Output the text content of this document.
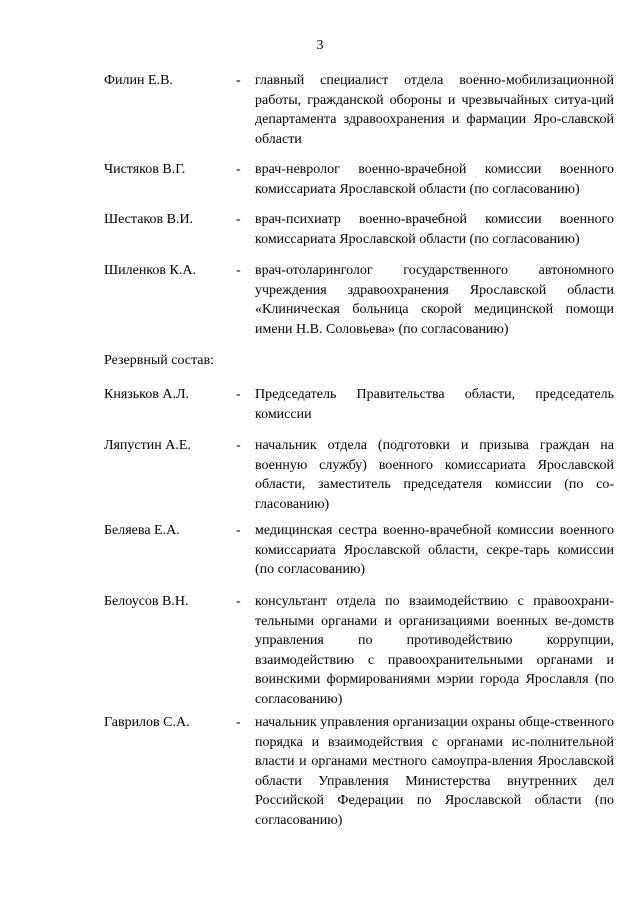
3
Филин Е.В.	- главный специалист отдела военно-мобилизационной работы, гражданской обороны и чрезвычайных ситуа-ций департамента здравоохранения и фармации Яро-славской области
Чистяков В.Г.	- врач-невролог военно-врачебной комиссии военного комиссариата Ярославской области (по согласованию)
Шестаков В.И.	- врач-психиатр военно-врачебной комиссии военного комиссариата Ярославской области (по согласованию)
Шиленков К.А.	- врач-отоларинголог государственного автономного учреждения здравоохранения Ярославской области «Клиническая больница скорой медицинской помощи имени Н.В. Соловьева» (по согласованию)
Резервный состав:
Князьков А.Л.	- Председатель Правительства области, председатель комиссии
Ляпустин А.Е.	- начальник отдела (подготовки и призыва граждан на военную службу) военного комиссариата Ярославской области, заместитель председателя комиссии (по со-гласованию)
Беляева Е.А.	- медицинская сестра военно-врачебной комиссии военного комиссариата Ярославской области, секре-тарь комиссии (по согласованию)
Белоусов В.Н.	- консультант отдела по взаимодействию с правоохрани-тельными органами и организациями военных ве-домств управления по противодействию коррупции, взаимодействию с правоохранительными органами и воинскими формированиями мэрии города Ярославля (по согласованию)
Гаврилов С.А.	- начальник управления организации охраны обще-ственного порядка и взаимодействия с органами ис-полнительной власти и органами местного самоупра-вления Ярославской области Управления Министерства внутренних дел Российской Федерации по Ярославской области (по согласованию)
